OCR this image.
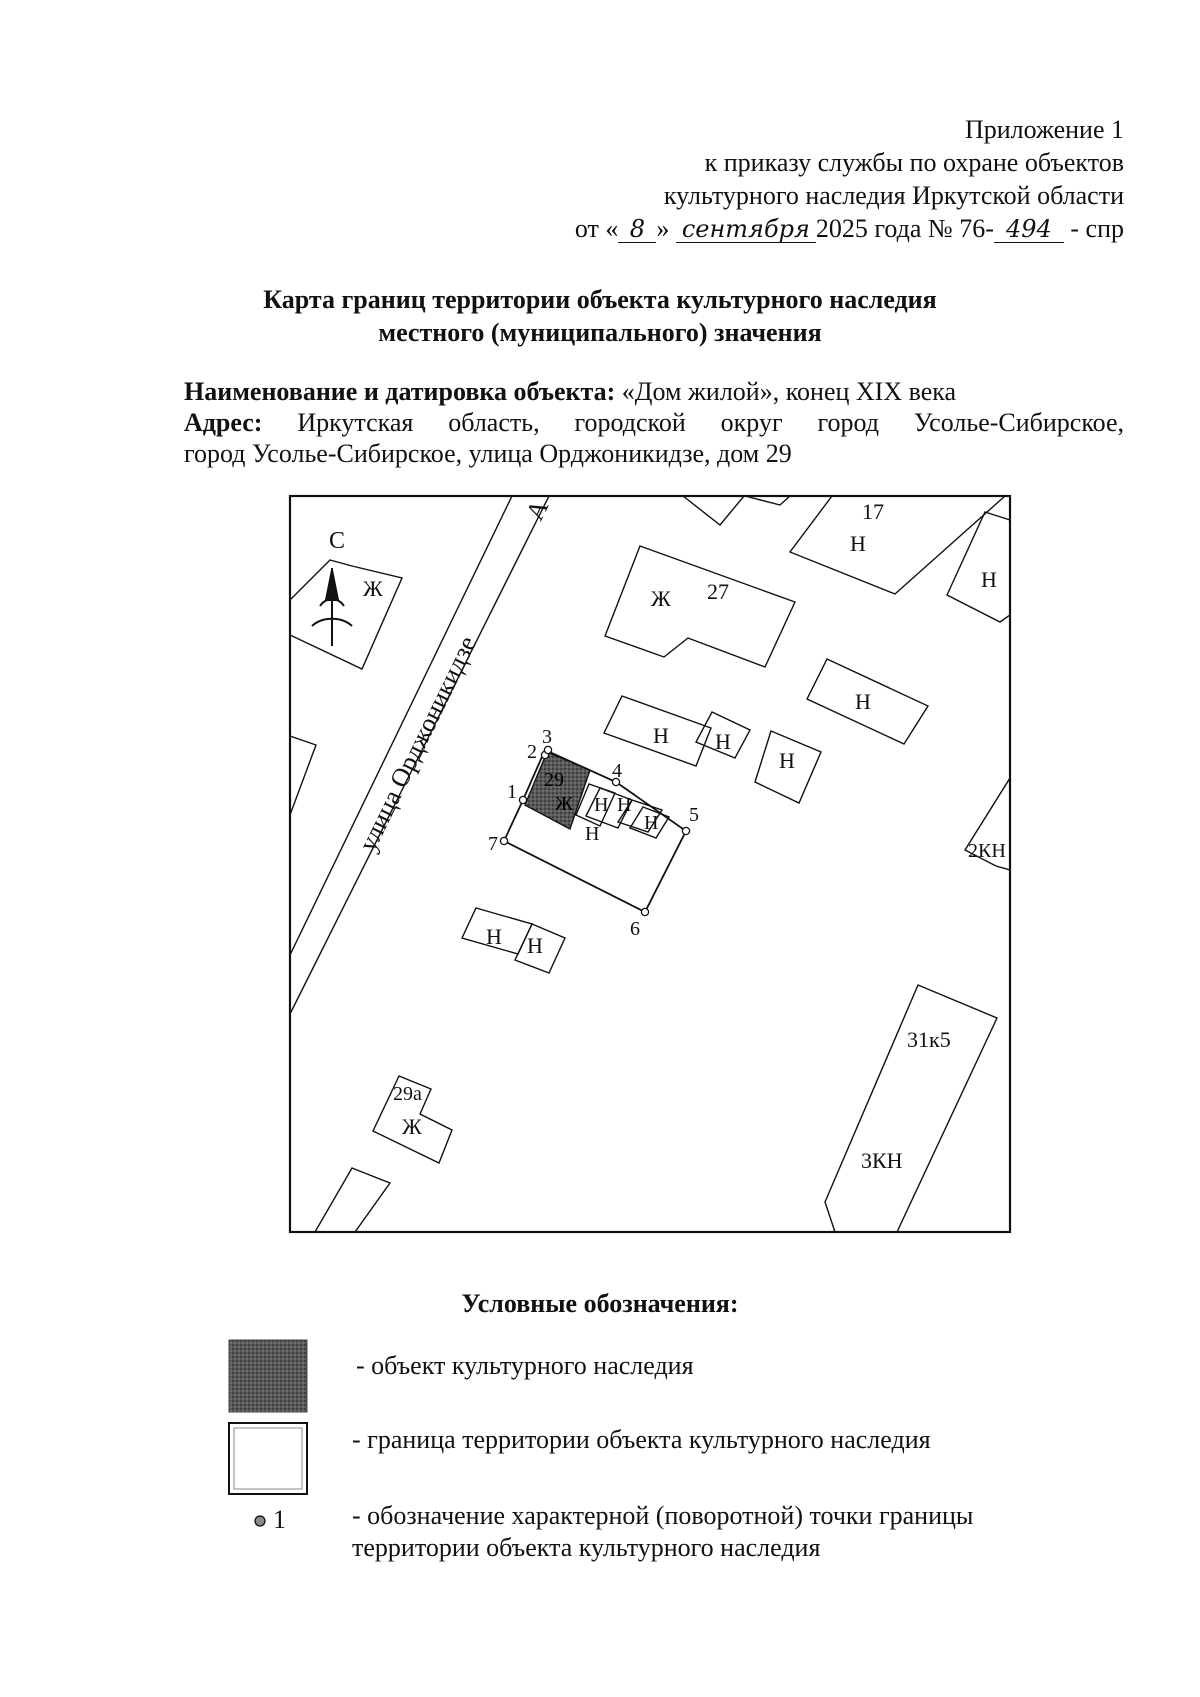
Приложение 1
к приказу службы по охране объектов
культурного наследия Иркутской области
от « 8 » сентября 2025 года № 76- 494 - спр
Карта границ территории объекта культурного наследия
местного (муниципального) значения
Наименование и датировка объекта: «Дом жилой», конец XIX века
Адрес: Иркутская область, городской округ город Усолье-Сибирское,
город Усолье-Сибирское, улица Орджоникидзе, дом 29
С
А
улица Орджоникидзе
Ж
17
Н
Н
Ж 27
Н
Н Н
Н
29
Ж
Н
Н Н
Н
2КН
Н Н
31к5
3КН
29а
Ж
1
2
3
4
5
6
7
Условные обозначения:
- объект культурного наследия
- граница территории объекта культурного наследия
- обозначение характерной (поворотной) точки границы
территории объекта культурного наследия
1
